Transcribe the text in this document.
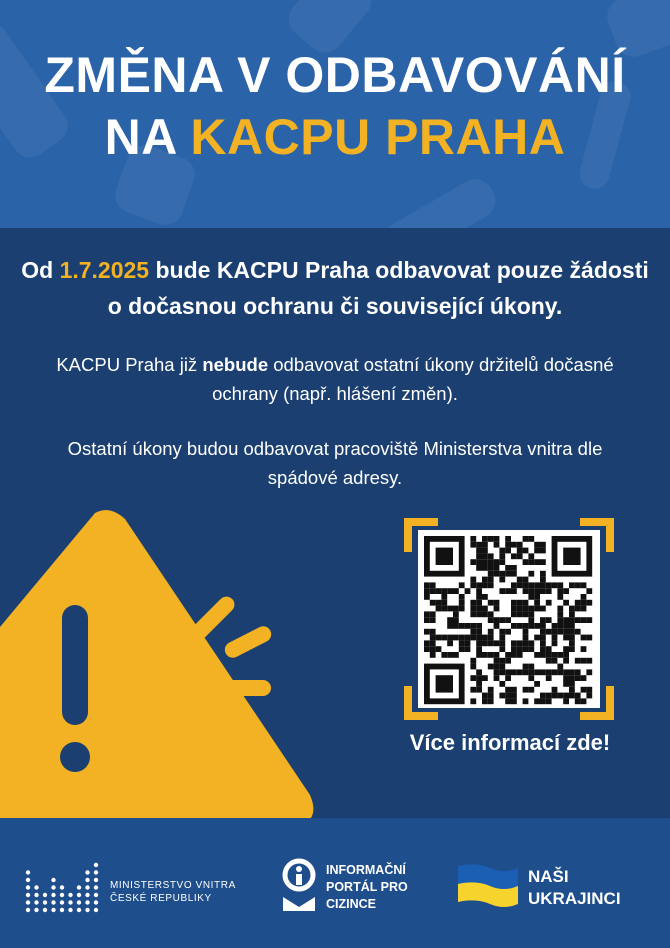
ZMĚNA V ODBAVOVÁNÍ
NA KACPU PRAHA
Od 1.7.2025 bude KACPU Praha odbavovat pouze žádosti o dočasnou ochranu či související úkony.
KACPU Praha již nebude odbavovat ostatní úkony držitelů dočasné ochrany (např. hlášení změn).
Ostatní úkony budou odbavovat pracoviště Ministerstva vnitra dle spádové adresy.
Více informací zde!
MINISTERSTVO VNITRA
ČESKÉ REPUBLIKY
INFORMAČNÍ
PORTÁL PRO
CIZINCE
NAŠI
UKRAJINCI
